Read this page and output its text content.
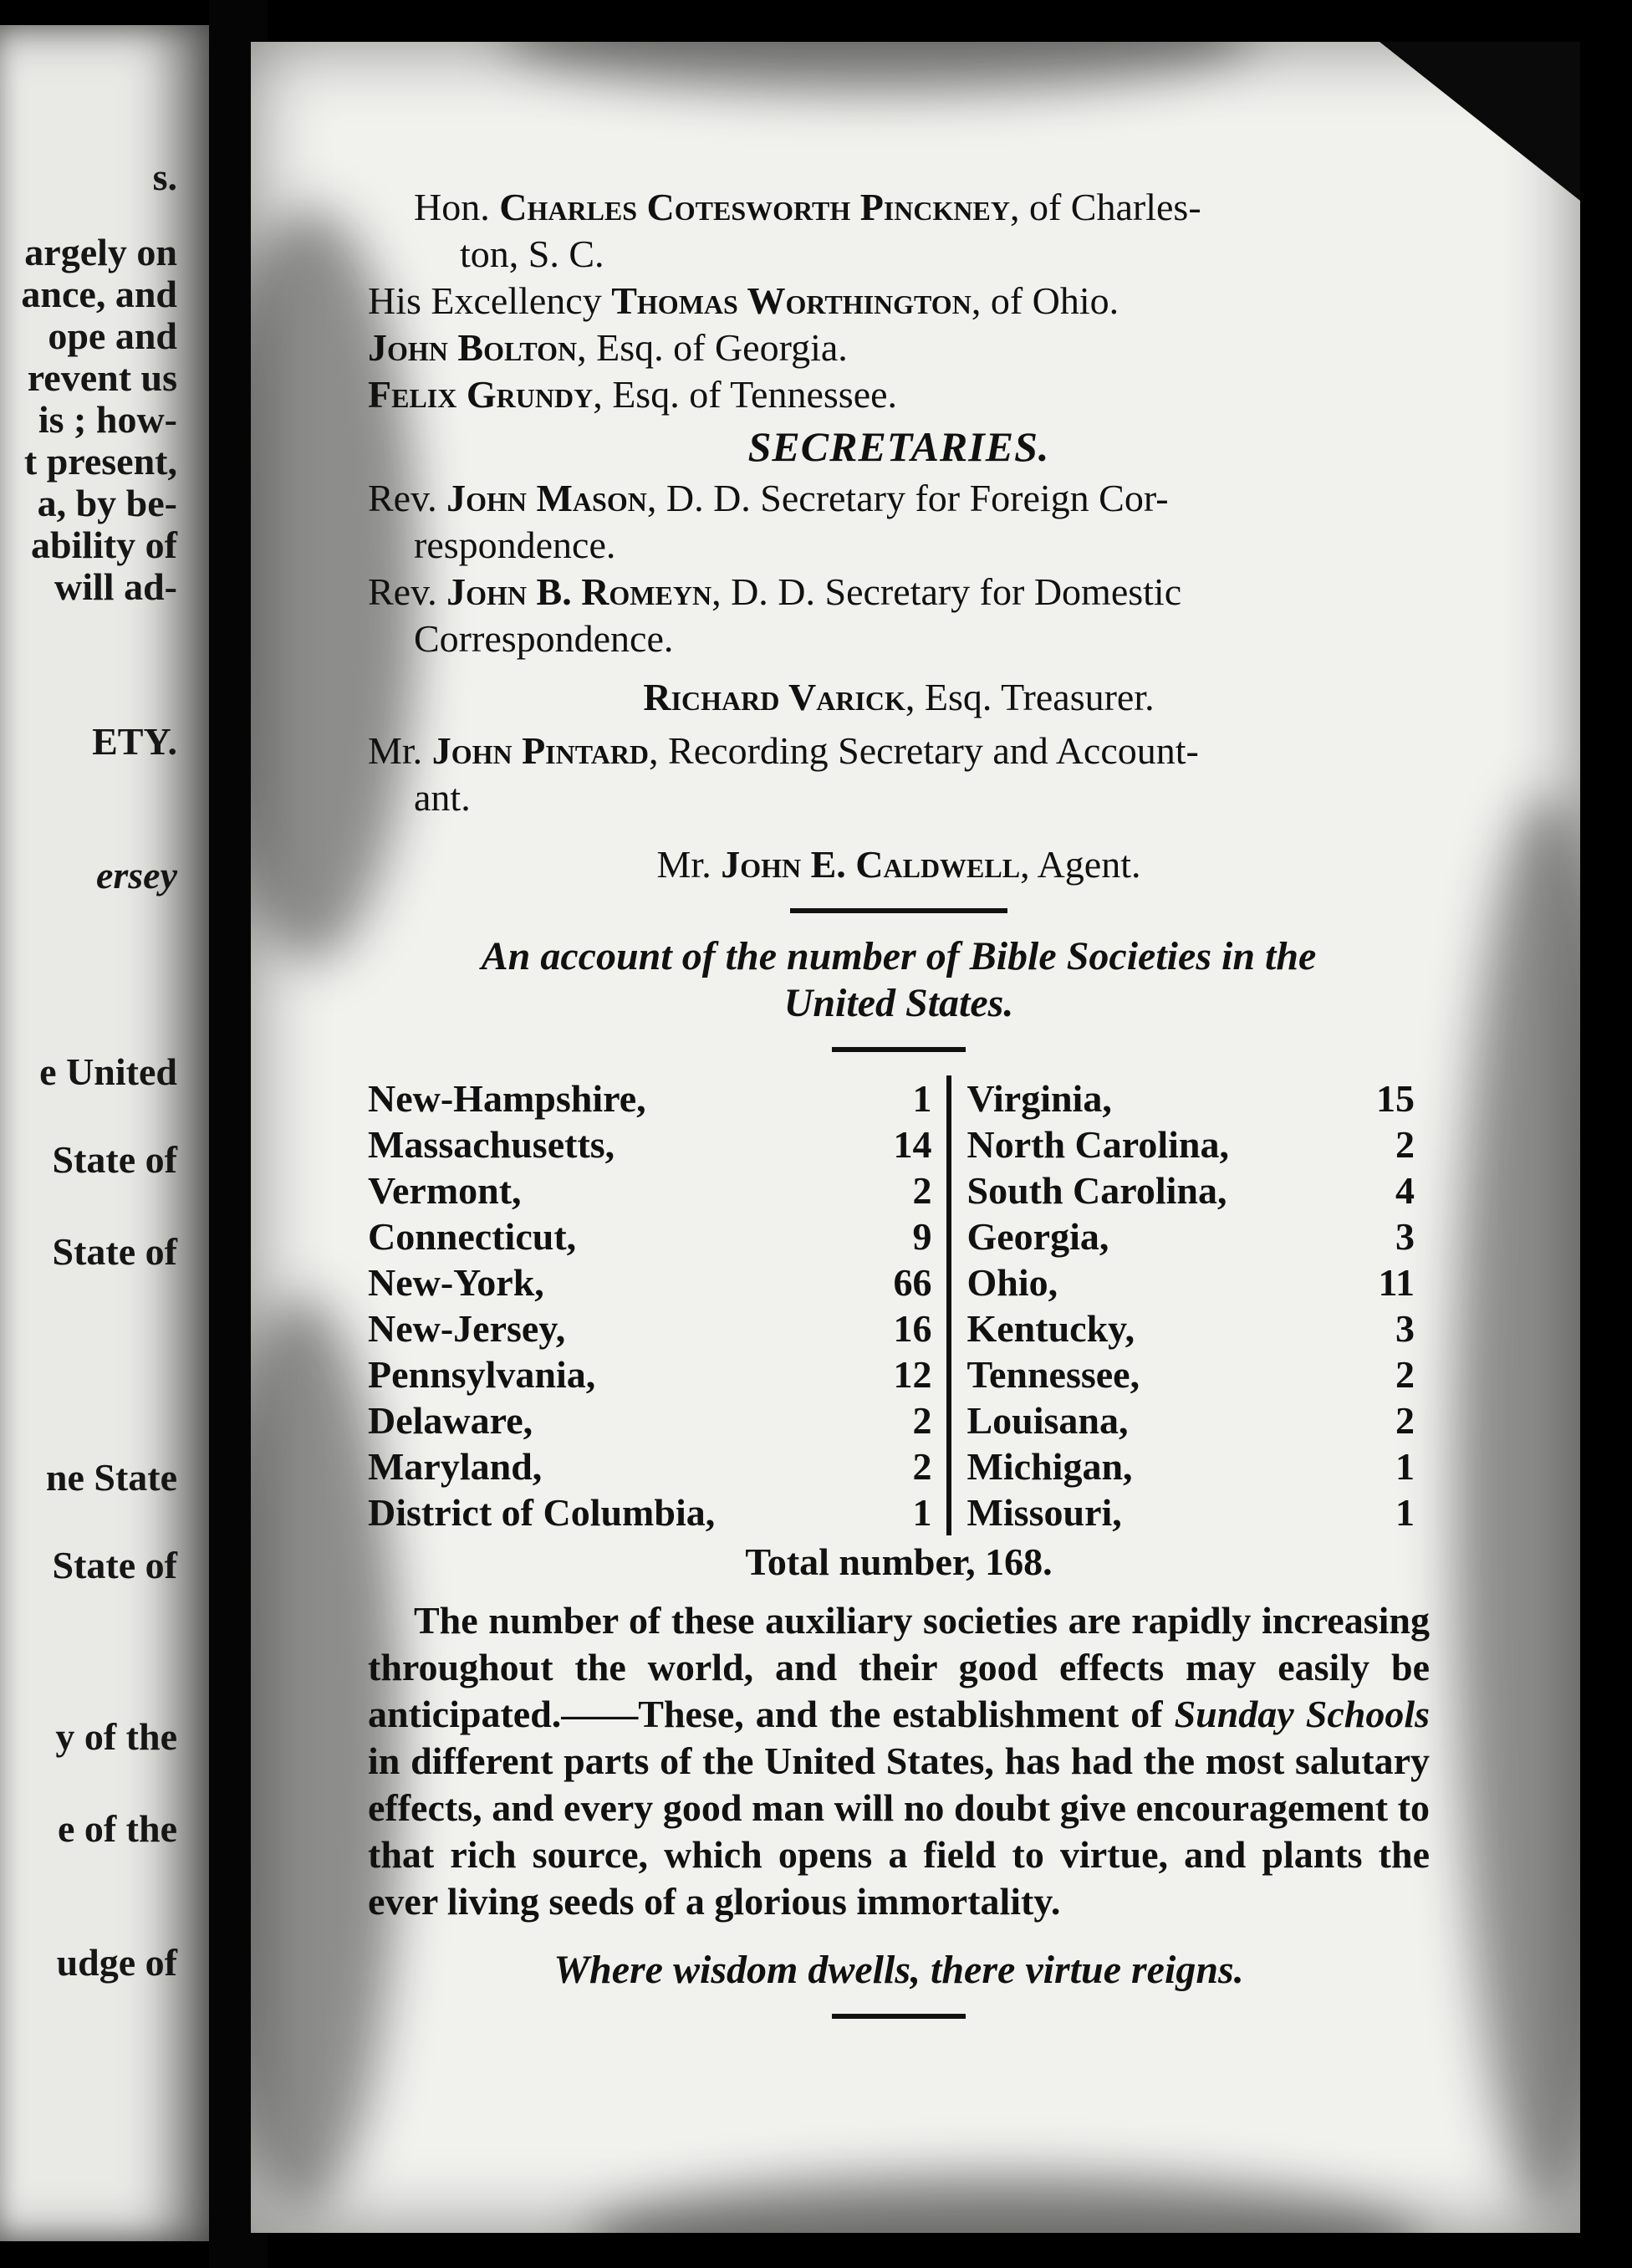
s.
argely on
ance, and
ope and
revent us
is ; how-
t present,
a, by be-
ability of
will ad-
ETY.
ersey
e United
State of
State of
ne State
State of
y of the
e of the
udge of
Hon. Charles Cotesworth Pinckney, of Charles-
ton, S. C.
His Excellency Thomas Worthington, of Ohio.
John Bolton, Esq. of Georgia.
Felix Grundy, Esq. of Tennessee.
SECRETARIES.
Rev. John Mason, D. D. Secretary for Foreign Cor-
respondence.
Rev. John B. Romeyn, D. D. Secretary for Domestic
Correspondence.
Richard Varick, Esq. Treasurer.
Mr. John Pintard, Recording Secretary and Account-
ant.
Mr. John E. Caldwell, Agent.
An account of the number of Bible Societies in the
United States.
New-Hampshire,	1		Virginia,	15
Massachusetts,	14		North Carolina,	2
Vermont,	2		South Carolina,	4
Connecticut,	9		Georgia,	3
New-York,	66		Ohio,	11
New-Jersey,	16		Kentucky,	3
Pennsylvania,	12		Tennessee,	2
Delaware,	2		Louisana,	2
Maryland,	2		Michigan,	1
District of Columbia,	1		Missouri,	1
Total number, 168.
The number of these auxiliary societies are rapidly increasing throughout the world, and their good effects may easily be anticipated.——These, and the establishment of Sunday Schools in different parts of the United States, has had the most salutary effects, and every good man will no doubt give encouragement to that rich source, which opens a field to virtue, and plants the ever living seeds of a glorious immortality.
Where wisdom dwells, there virtue reigns.
